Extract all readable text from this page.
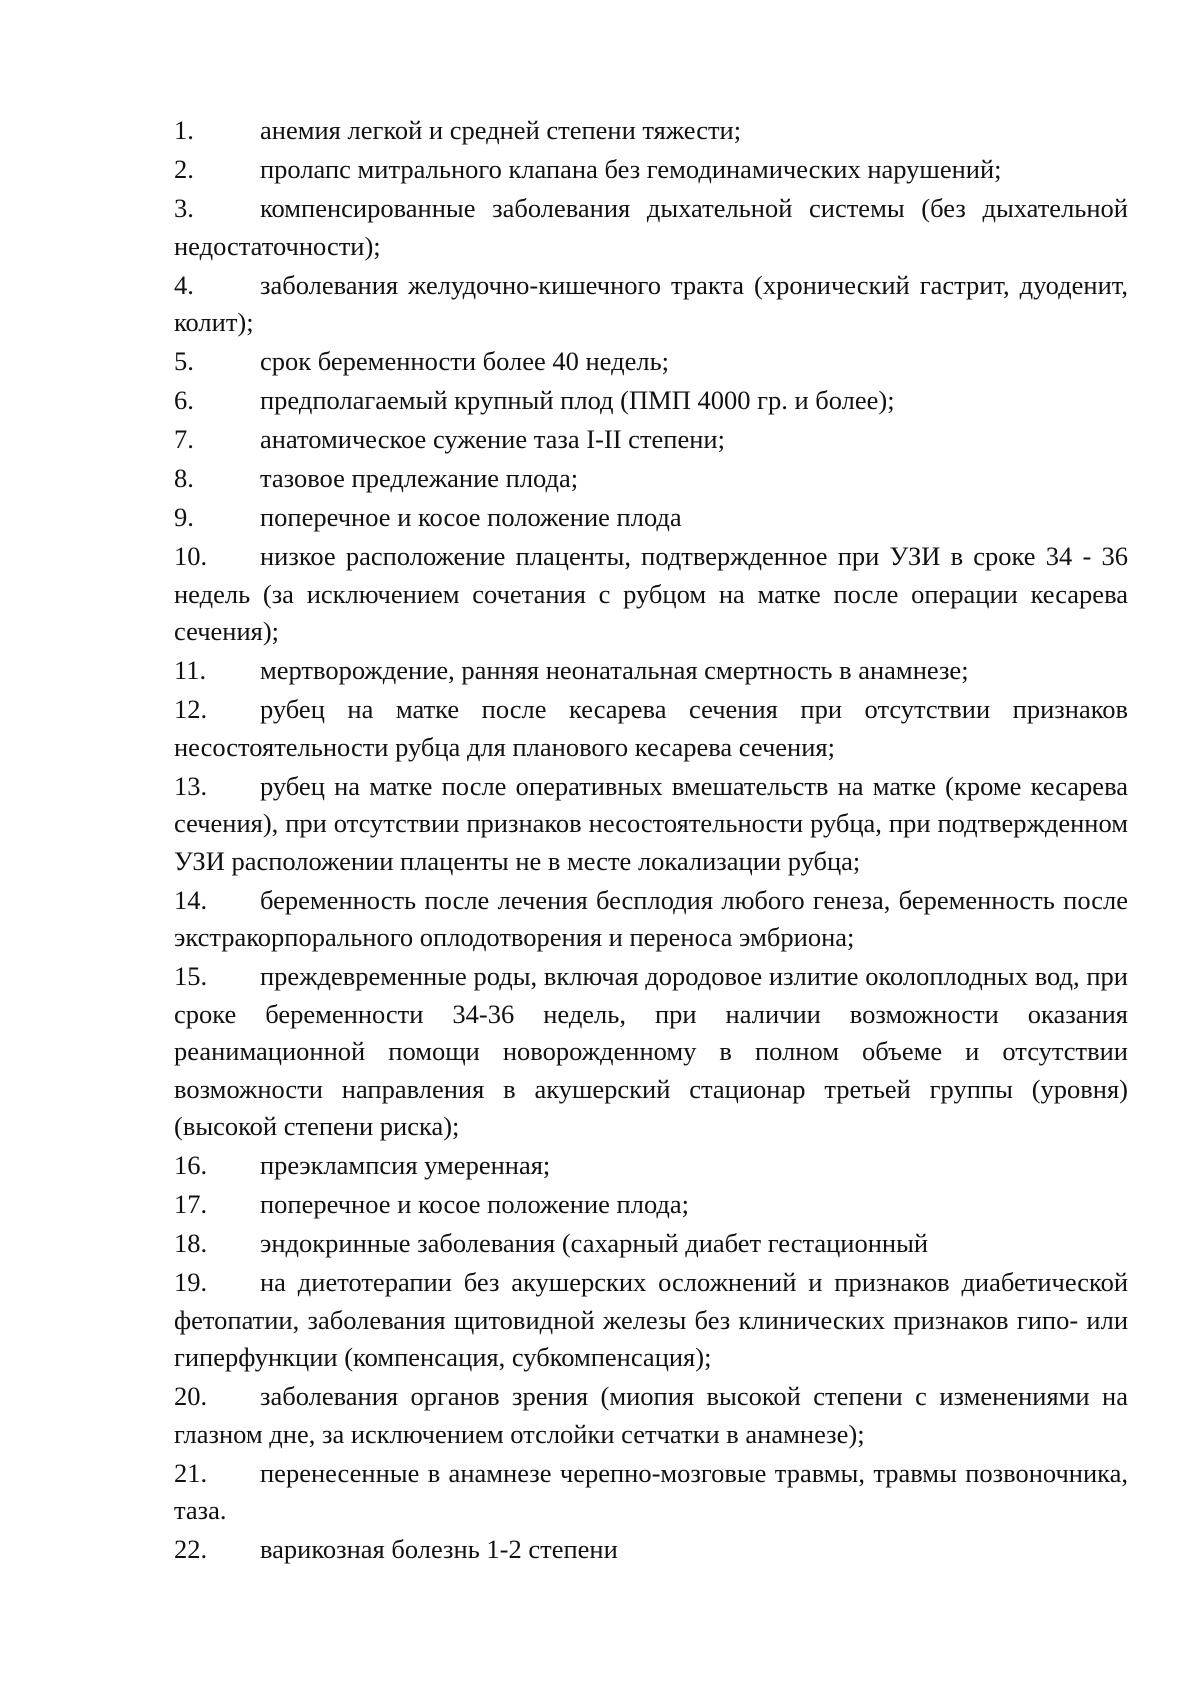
1. анемия легкой и средней степени тяжести;

2. пролапс митрального клапана без гемодинамических нарушений;

3. компенсированные заболевания дыхательной системы (без дыхательной недостаточности);

4. заболевания желудочно-кишечного тракта (хронический гастрит, дуоденит, колит);

5. срок беременности более 40 недель;

6. предполагаемый крупный плод (ПМП 4000 гр. и более);

7. анатомическое сужение таза I-II степени;

8. тазовое предлежание плода;

9. поперечное и косое положение плода

10. низкое расположение плаценты, подтвержденное при УЗИ в сроке 34 - 36 недель (за исключением сочетания с рубцом на матке после операции кесарева сечения);

11. мертворождение, ранняя неонатальная смертность в анамнезе;

12. рубец на матке после кесарева сечения при отсутствии признаков несостоятельности рубца для планового кесарева сечения;

13. рубец на матке после оперативных вмешательств на матке (кроме кесарева сечения), при отсутствии признаков несостоятельности рубца, при подтвержденном УЗИ расположении плаценты не в месте локализации рубца;

14. беременность после лечения бесплодия любого генеза, беременность после экстракорпорального оплодотворения и переноса эмбриона;

15. преждевременные роды, включая дородовое излитие околоплодных вод, при сроке беременности 34-36 недель, при наличии возможности оказания реанимационной помощи новорожденному в полном объеме и отсутствии возможности направления в акушерский стационар третьей группы (уровня) (высокой степени риска);

16. преэклампсия умеренная;

17. поперечное и косое положение плода;

18. эндокринные заболевания (сахарный диабет гестационный

19. на диетотерапии без акушерских осложнений и признаков диабетической фетопатии, заболевания щитовидной железы без клинических признаков гипо- или гиперфункции (компенсация, субкомпенсация);

20. заболевания органов зрения (миопия высокой степени с изменениями на глазном дне, за исключением отслойки сетчатки в анамнезе);

21. перенесенные в анамнезе черепно-мозговые травмы, травмы позвоночника, таза.

22. варикозная болезнь 1-2 степени
